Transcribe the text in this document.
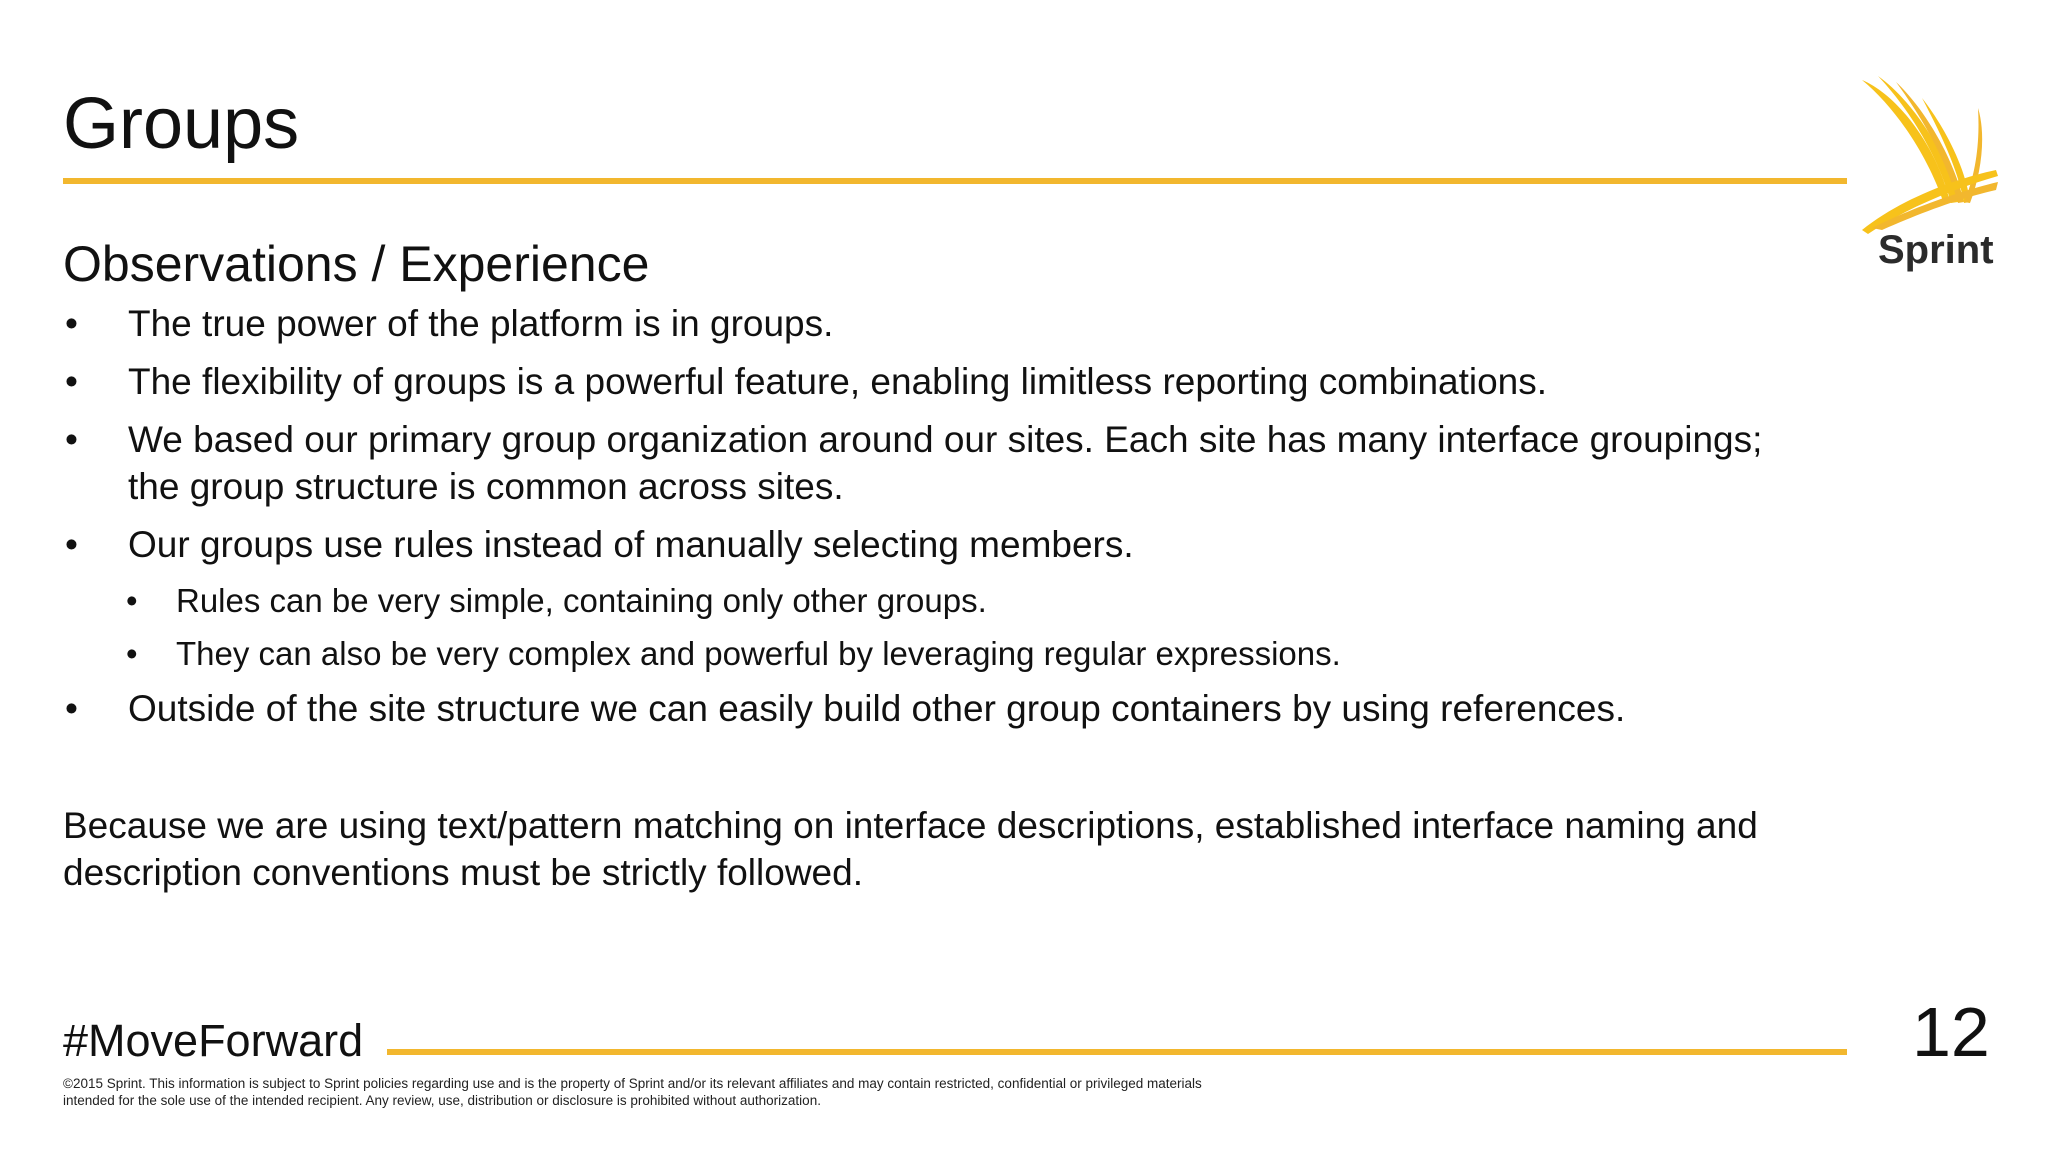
Groups
Sprint
Observations / Experience
• The true power of the platform is in groups.
• The flexibility of groups is a powerful feature, enabling limitless reporting combinations.
• We based our primary group organization around our sites. Each site has many interface groupings; the group structure is common across sites.
• Our groups use rules instead of manually selecting members.
• Rules can be very simple, containing only other groups.
• They can also be very complex and powerful by leveraging regular expressions.
• Outside of the site structure we can easily build other group containers by using references.
Because we are using text/pattern matching on interface descriptions, established interface naming and description conventions must be strictly followed.
#MoveForward	12
©2015 Sprint. This information is subject to Sprint policies regarding use and is the property of Sprint and/or its relevant affiliates and may contain restricted, confidential or privileged materials intended for the sole use of the intended recipient. Any review, use, distribution or disclosure is prohibited without authorization.
